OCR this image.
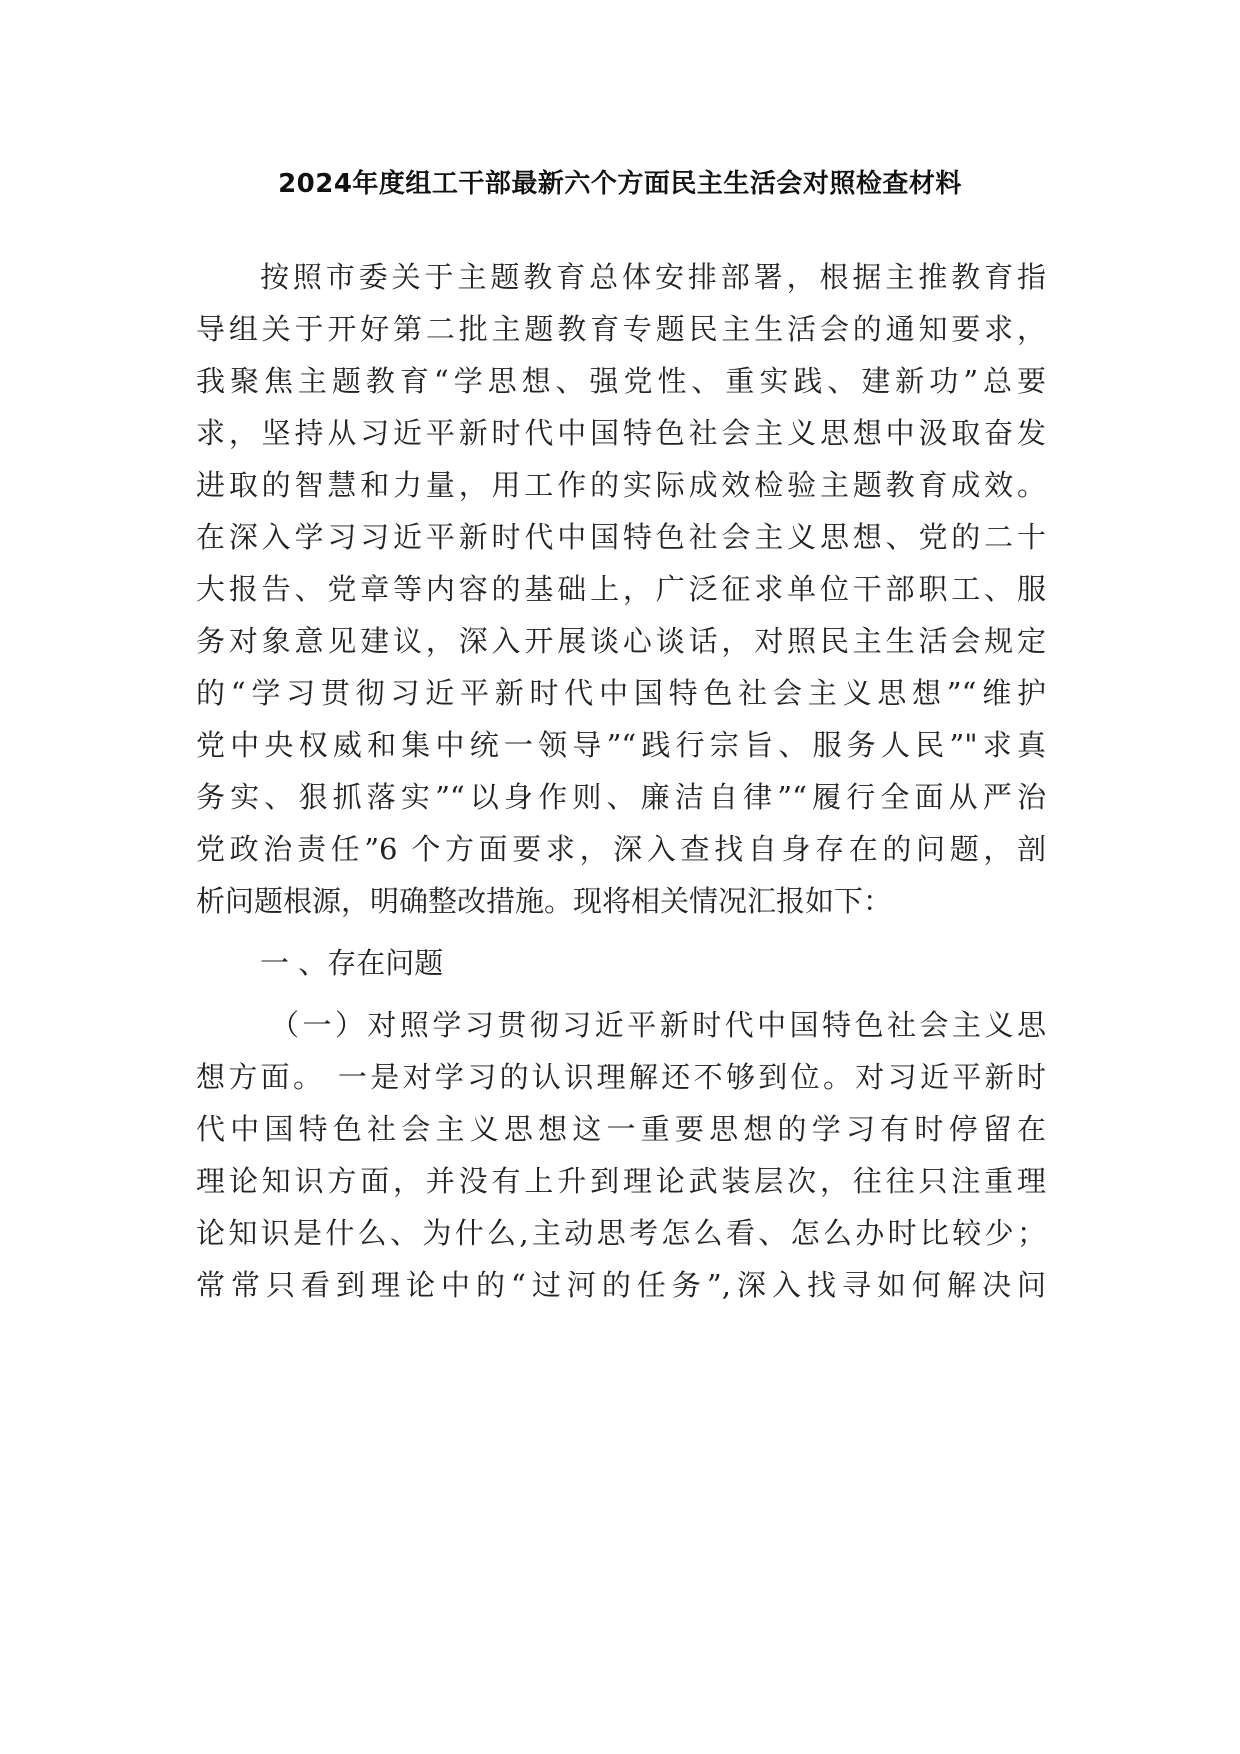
2024年度组工干部最新六个方面民主生活会对照检查材料
按照市委关于主题教育总体安排部署，根据主推教育指
导组关于开好第二批主题教育专题民主生活会的通知要求，
我聚焦主题教育“学思想、强党性、重实践、建新功”总要
求，坚持从习近平新时代中国特色社会主义思想中汲取奋发
进取的智慧和力量，用工作的实际成效检验主题教育成效。
在深入学习习近平新时代中国特色社会主义思想、党的二十
大报告、党章等内容的基础上，广泛征求单位干部职工、服
务对象意见建议，深入开展谈心谈话，对照民主生活会规定
的“学习贯彻习近平新时代中国特色社会主义思想”“维护
党中央权威和集中统一领导”“践行宗旨、服务人民”"求真
务实、狠抓落实”“以身作则、廉洁自律”“履行全面从严治
党政治责任”6 个方面要求，深入查找自身存在的问题，剖
析问题根源，明确整改措施。现将相关情况汇报如下：
一 、存在问题
（一）对照学习贯彻习近平新时代中国特色社会主义思
想方面。 一是对学习的认识理解还不够到位。对习近平新时
代中国特色社会主义思想这一重要思想的学习有时停留在
理论知识方面，并没有上升到理论武装层次，往往只注重理
论知识是什么、为什么,主动思考怎么看、怎么办时比较少；
常常只看到理论中的“过河的任务”,深入找寻如何解决问
